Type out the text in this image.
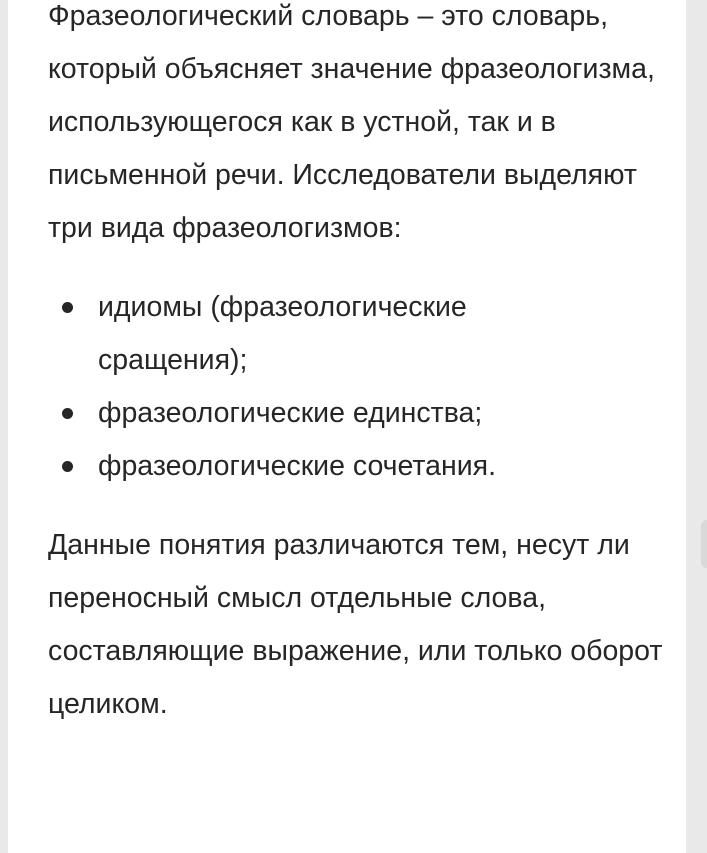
Фразеологический словарь – это словарь, который объясняет значение фразеологизма, использующегося как в устной, так и в письменной речи. Исследователи выделяют три вида фразеологизмов:

идиомы (фразеологические сращения);
фразеологические единства;
фразеологические сочетания.

Данные понятия различаются тем, несут ли переносный смысл отдельные слова, составляющие выражение, или только оборот целиком.
